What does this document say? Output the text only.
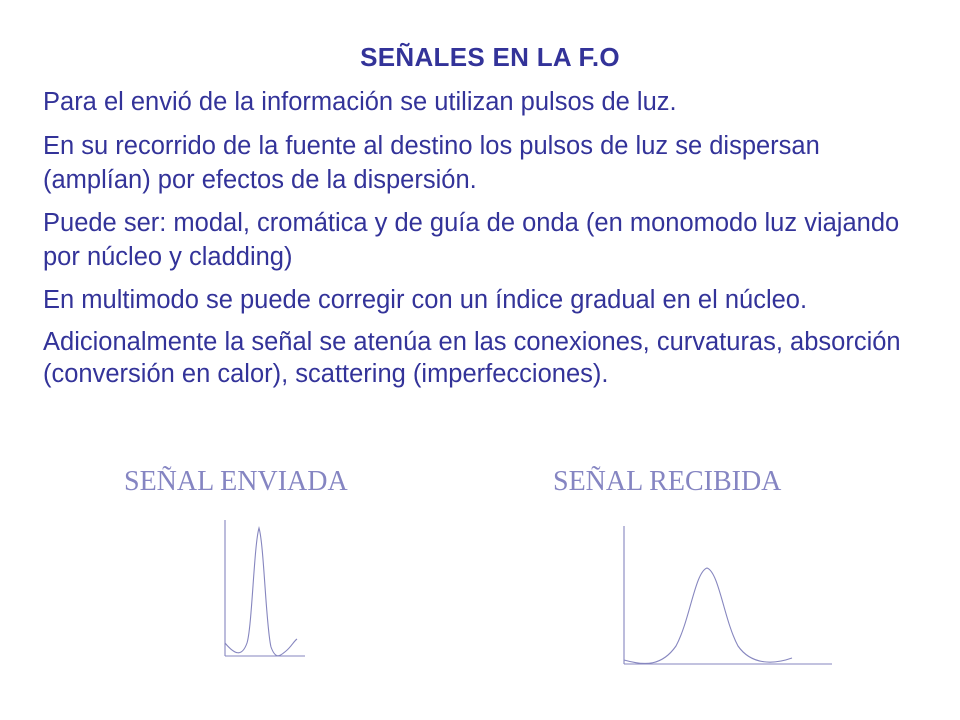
SEÑALES EN LA F.O
Para el envió de la información se utilizan pulsos de luz.
En su recorrido de la fuente al destino los pulsos de luz se dispersan (amplían) por efectos de la dispersión.
Puede ser: modal, cromática y de guía de onda (en monomodo luz viajando por núcleo y cladding)
En multimodo se puede corregir con un índice gradual en el núcleo.
Adicionalmente la señal se atenúa en las conexiones, curvaturas, absorción (conversión en calor), scattering (imperfecciones).
SEÑAL ENVIADA	SEÑAL RECIBIDA
